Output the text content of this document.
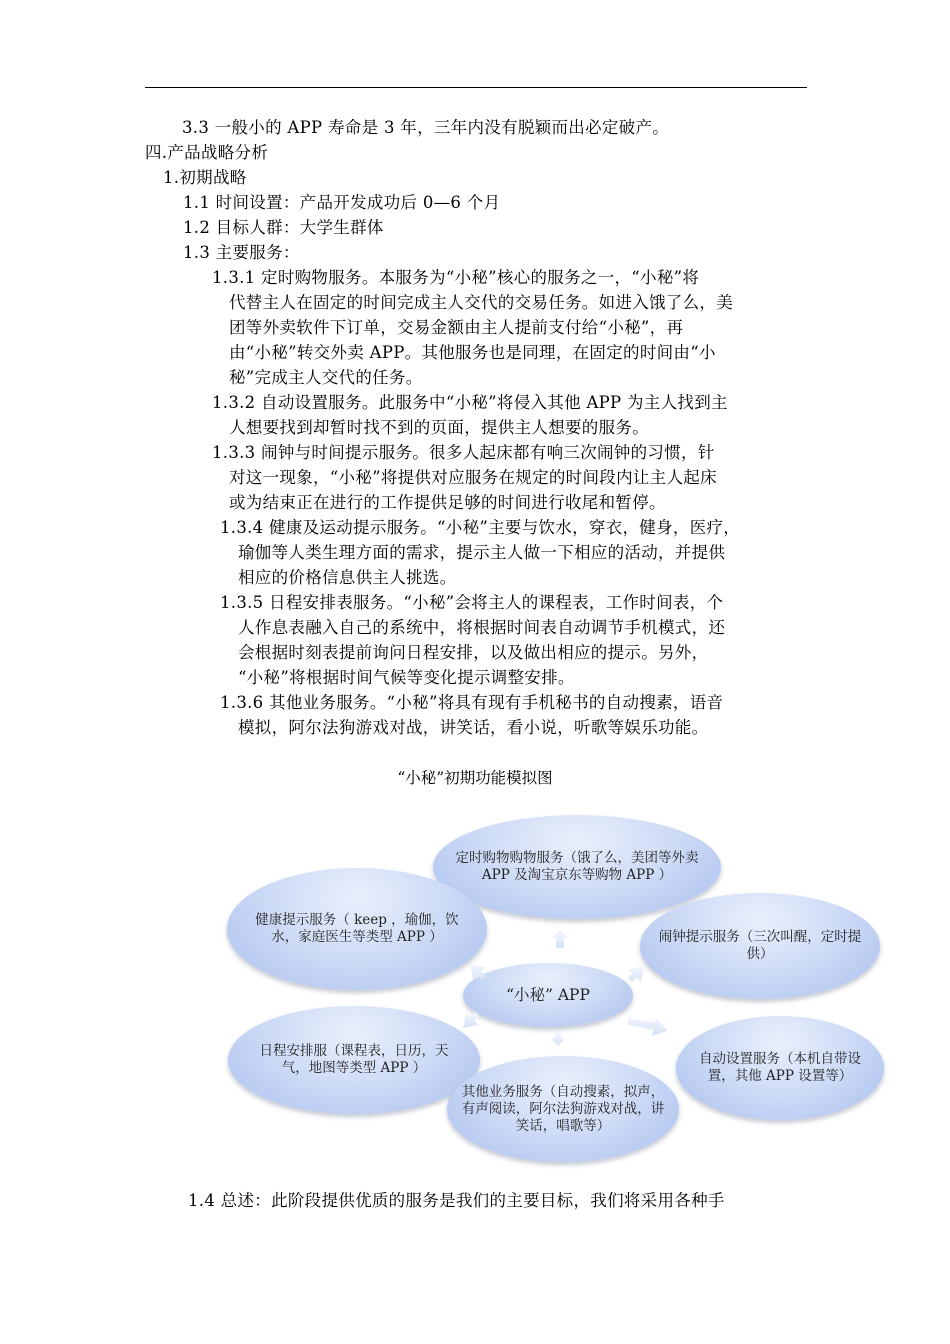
3.3 一般小的 APP 寿命是 3 年，三年内没有脱颖而出必定破产。
四.产品战略分析
1.初期战略
1.1 时间设置：产品开发成功后 0—6 个月
1.2 目标人群：大学生群体
1.3 主要服务：
1.3.1 定时购物服务。本服务为“小秘”核心的服务之一，“小秘”将
代替主人在固定的时间完成主人交代的交易任务。如进入饿了么，美
团等外卖软件下订单，交易金额由主人提前支付给“小秘”，再
由“小秘”转交外卖 APP。其他服务也是同理，在固定的时间由“小
秘”完成主人交代的任务。
1.3.2 自动设置服务。此服务中“小秘”将侵入其他 APP 为主人找到主
人想要找到却暂时找不到的页面，提供主人想要的服务。
1.3.3 闹钟与时间提示服务。很多人起床都有响三次闹钟的习惯，针
对这一现象，“小秘”将提供对应服务在规定的时间段内让主人起床
或为结束正在进行的工作提供足够的时间进行收尾和暂停。
1.3.4 健康及运动提示服务。“小秘”主要与饮水，穿衣，健身，医疗，
瑜伽等人类生理方面的需求，提示主人做一下相应的活动，并提供
相应的价格信息供主人挑选。
1.3.5 日程安排表服务。“小秘”会将主人的课程表，工作时间表，个
人作息表融入自己的系统中，将根据时间表自动调节手机模式，还
会根据时刻表提前询问日程安排，以及做出相应的提示。另外，
“小秘”将根据时间气候等变化提示调整安排。
1.3.6 其他业务服务。“小秘”将具有现有手机秘书的自动搜素，语音
模拟，阿尔法狗游戏对战，讲笑话，看小说，听歌等娱乐功能。
“小秘”初期功能模拟图
定时购物购物服务（饿了么，美团等外卖 APP 及淘宝京东等购物 APP ）
健康提示服务（ keep ，瑜伽，饮水，家庭医生等类型 APP ）	闹钟提示服务（三次叫醒，定时提供）
日程安排服（课程表，日历，天气，地图等类型 APP ）
自动设置服务（本机自带设置，其他 APP 设置等）
其他业务服务（自动搜素，拟声，有声阅读，阿尔法狗游戏对战，讲笑话，唱歌等）
“小秘” APP
1.4 总述：此阶段提供优质的服务是我们的主要目标，我们将采用各种手
